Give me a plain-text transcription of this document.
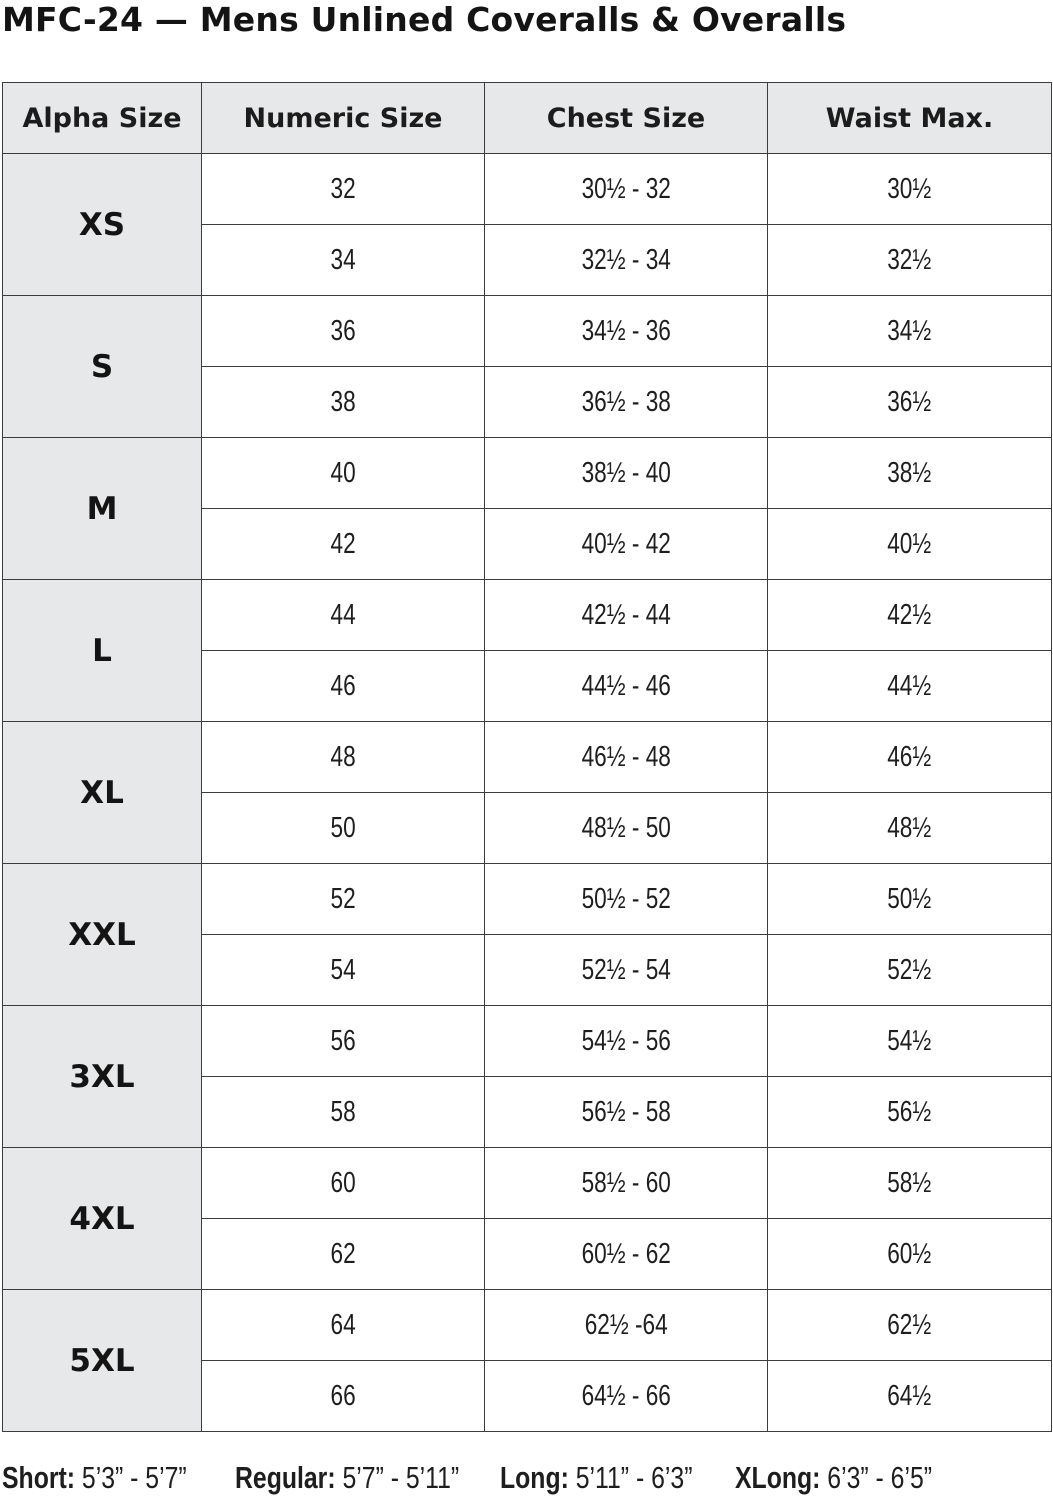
MFC-24 — Mens Unlined Coveralls & Overalls
Alpha Size	Numeric Size	Chest Size	Waist Max.
XS	32	30½ - 32	30½
	34	32½ - 34	32½
S	36	34½ - 36	34½
	38	36½ - 38	36½
M	40	38½ - 40	38½
	42	40½ - 42	40½
L	44	42½ - 44	42½
	46	44½ - 46	44½
XL	48	46½ - 48	46½
	50	48½ - 50	48½
XXL	52	50½ - 52	50½
	54	52½ - 54	52½
3XL	56	54½ - 56	54½
	58	56½ - 58	56½
4XL	60	58½ - 60	58½
	62	60½ - 62	60½
5XL	64	62½ -64	62½
	66	64½ - 66	64½
Short: 5’3” - 5’7” Regular: 5’7” - 5’11” Long: 5’11” - 6’3” XLong: 6’3” - 6’5”
